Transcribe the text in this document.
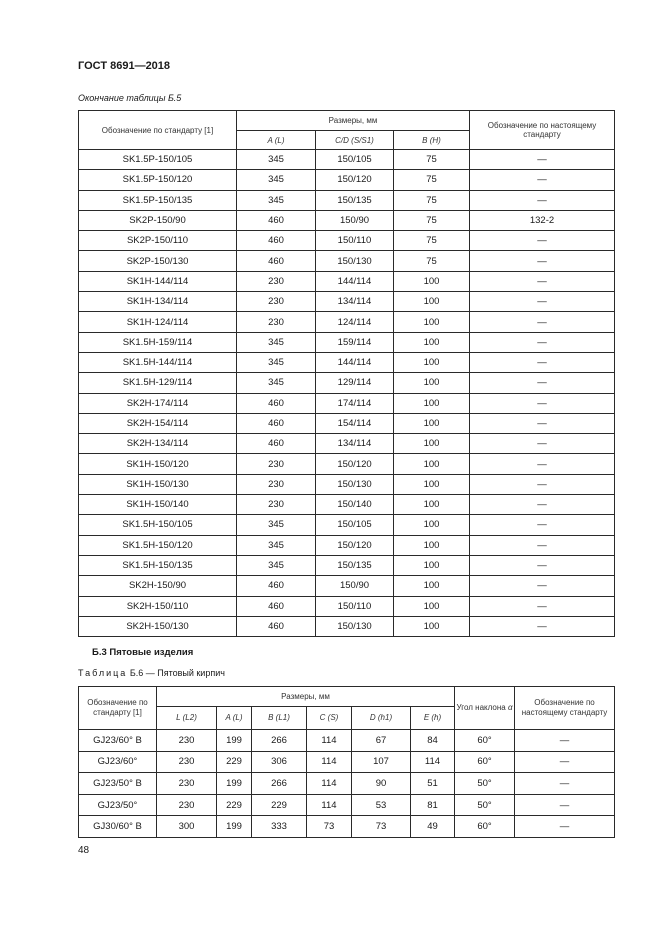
ГОСТ 8691—2018
Окончание таблицы Б.5
Обозначение по стандарту [1]	Размеры, мм			Обозначение по настоящему стандарту
	A (L)	C/D (S/S1)	B (H)	
SK1.5P-150/105	345	150/105	75	—
SK1.5P-150/120	345	150/120	75	—
SK1.5P-150/135	345	150/135	75	—
SK2P-150/90	460	150/90	75	132-2
SK2P-150/110	460	150/110	75	—
SK2P-150/130	460	150/130	75	—
SK1H-144/114	230	144/114	100	—
SK1H-134/114	230	134/114	100	—
SK1H-124/114	230	124/114	100	—
SK1.5H-159/114	345	159/114	100	—
SK1.5H-144/114	345	144/114	100	—
SK1.5H-129/114	345	129/114	100	—
SK2H-174/114	460	174/114	100	—
SK2H-154/114	460	154/114	100	—
SK2H-134/114	460	134/114	100	—
SK1H-150/120	230	150/120	100	—
SK1H-150/130	230	150/130	100	—
SK1H-150/140	230	150/140	100	—
SK1.5H-150/105	345	150/105	100	—
SK1.5H-150/120	345	150/120	100	—
SK1.5H-150/135	345	150/135	100	—
SK2H-150/90	460	150/90	100	—
SK2H-150/110	460	150/110	100	—
SK2H-150/130	460	150/130	100	—
Б.3 Пятовые изделия
Таблица Б.6 — Пятовый кирпич
Обозначение по стандарту [1]	Размеры, мм						Угол наклона α	Обозначение по настоящему стандарту
	L (L2)	A (L)	B (L1)	C (S)	D (h1)	E (h)		
GJ23/60° B	230	199	266	114	67	84	60°	—
GJ23/60°	230	229	306	114	107	114	60°	—
GJ23/50° B	230	199	266	114	90	51	50°	—
GJ23/50°	230	229	229	114	53	81	50°	—
GJ30/60° B	300	199	333	73	73	49	60°	—
48
